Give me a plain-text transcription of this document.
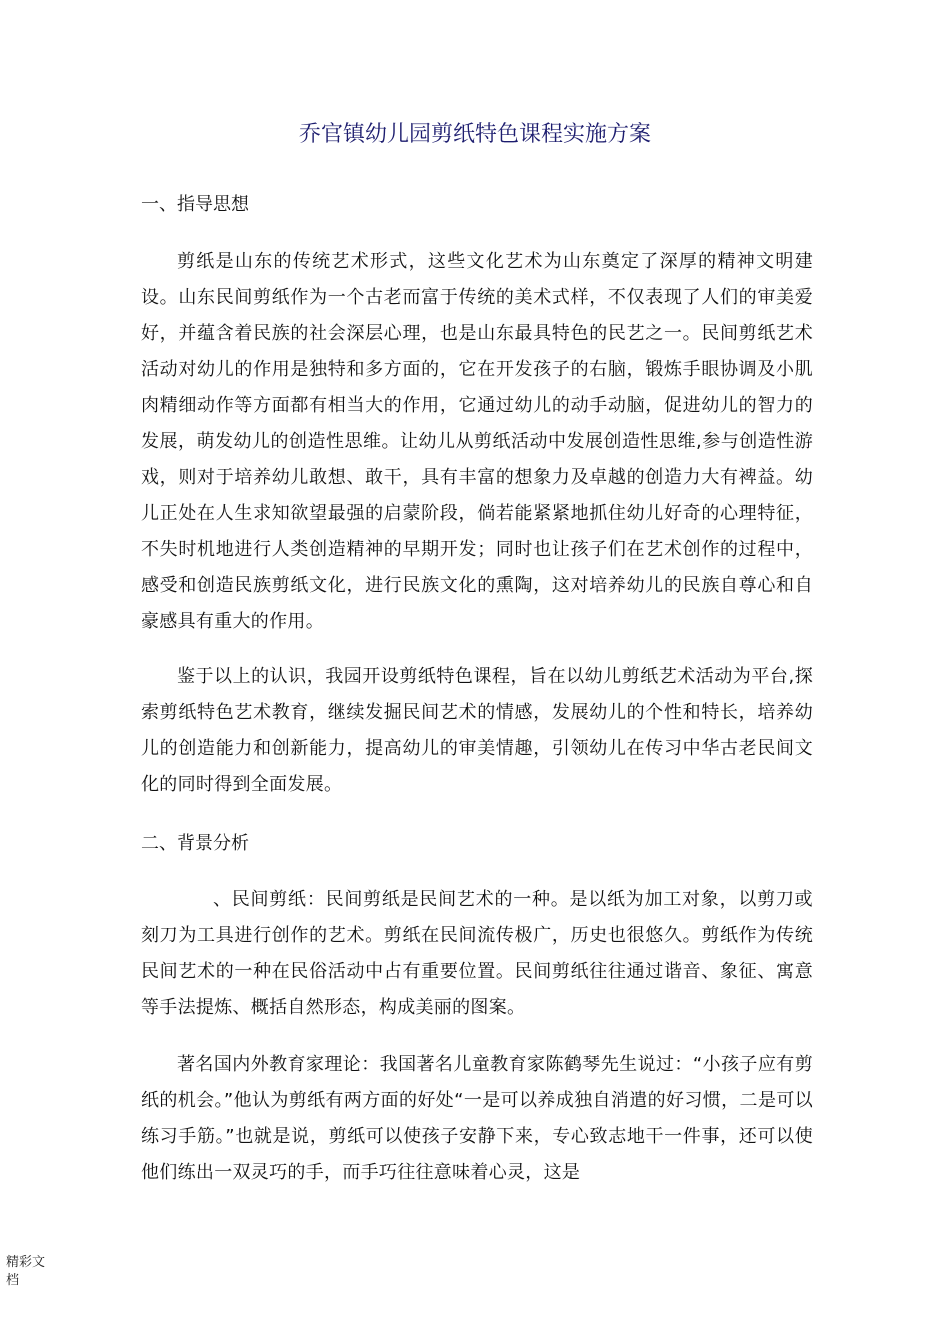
乔官镇幼儿园剪纸特色课程实施方案
一、指导思想

剪纸是山东的传统艺术形式，这些文化艺术为山东奠定了深厚的精神文明建设。山东民间剪纸作为一个古老而富于传统的美术式样，不仅表现了人们的审美爱好，并蕴含着民族的社会深层心理，也是山东最具特色的民艺之一。民间剪纸艺术活动对幼儿的作用是独特和多方面的，它在开发孩子的右脑，锻炼手眼协调及小肌肉精细动作等方面都有相当大的作用，它通过幼儿的动手动脑，促进幼儿的智力的发展，萌发幼儿的创造性思维。让幼儿从剪纸活动中发展创造性思维,参与创造性游戏，则对于培养幼儿敢想、敢干，具有丰富的想象力及卓越的创造力大有裨益。幼儿正处在人生求知欲望最强的启蒙阶段，倘若能紧紧地抓住幼儿好奇的心理特征，不失时机地进行人类创造精神的早期开发；同时也让孩子们在艺术创作的过程中，感受和创造民族剪纸文化，进行民族文化的熏陶，这对培养幼儿的民族自尊心和自豪感具有重大的作用。

鉴于以上的认识，我园开设剪纸特色课程，旨在以幼儿剪纸艺术活动为平台,探索剪纸特色艺术教育，继续发掘民间艺术的情感，发展幼儿的个性和特长，培养幼儿的创造能力和创新能力，提高幼儿的审美情趣，引领幼儿在传习中华古老民间文化的同时得到全面发展。

二、背景分析

、民间剪纸：民间剪纸是民间艺术的一种。是以纸为加工对象，以剪刀或刻刀为工具进行创作的艺术。剪纸在民间流传极广，历史也很悠久。剪纸作为传统民间艺术的一种在民俗活动中占有重要位置。民间剪纸往往通过谐音、象征、寓意等手法提炼、概括自然形态，构成美丽的图案。

著名国内外教育家理论：我国著名儿童教育家陈鹤琴先生说过：“小孩子应有剪纸的机会。”他认为剪纸有两方面的好处“一是可以养成独自消遣的好习惯，二是可以练习手筋。”也就是说，剪纸可以使孩子安静下来，专心致志地干一件事，还可以使他们练出一双灵巧的手，而手巧往往意味着心灵，这是

精彩文档
